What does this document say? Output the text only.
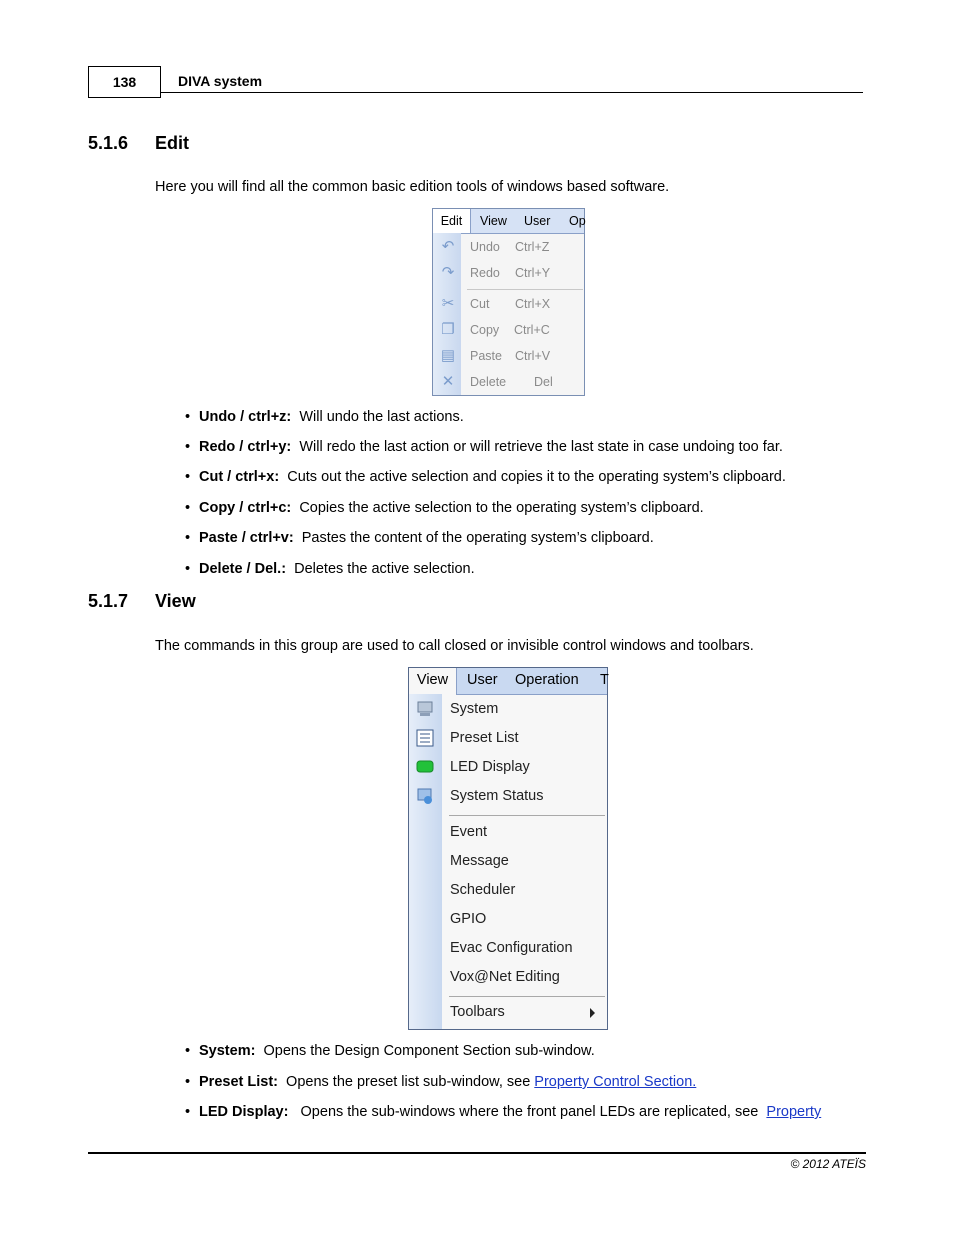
138	DIVA system
5.1.6 Edit
Here you will find all the common basic edition tools of windows based software.
Edit	View User Op
↶ Undo Ctrl+Z
↷ Redo Ctrl+Y
✂ Cut Ctrl+X
❐ Copy Ctrl+C
▤ Paste Ctrl+V
✕ Delete Del
• Undo / ctrl+z: Will undo the last actions.
• Redo / ctrl+y: Will redo the last action or will retrieve the last state in case undoing too far.
• Cut / ctrl+x: Cuts out the active selection and copies it to the operating system’s clipboard.
• Copy / ctrl+c: Copies the active selection to the operating system’s clipboard.
• Paste / ctrl+v: Pastes the content of the operating system’s clipboard.
• Delete / Del.: Deletes the active selection.
5.1.7 View
The commands in this group are used to call closed or invisible control windows and toolbars.
View	User Operation T
System
Preset List
LED Display
System Status
Event
Message
Scheduler
GPIO
Evac Configuration
Vox@Net Editing
Toolbars
• System: Opens the Design Component Section sub-window.
• Preset List: Opens the preset list sub-window, see Property Control Section.
• LED Display: Opens the sub-windows where the front panel LEDs are replicated, see Property
© 2012 ATEÏS
